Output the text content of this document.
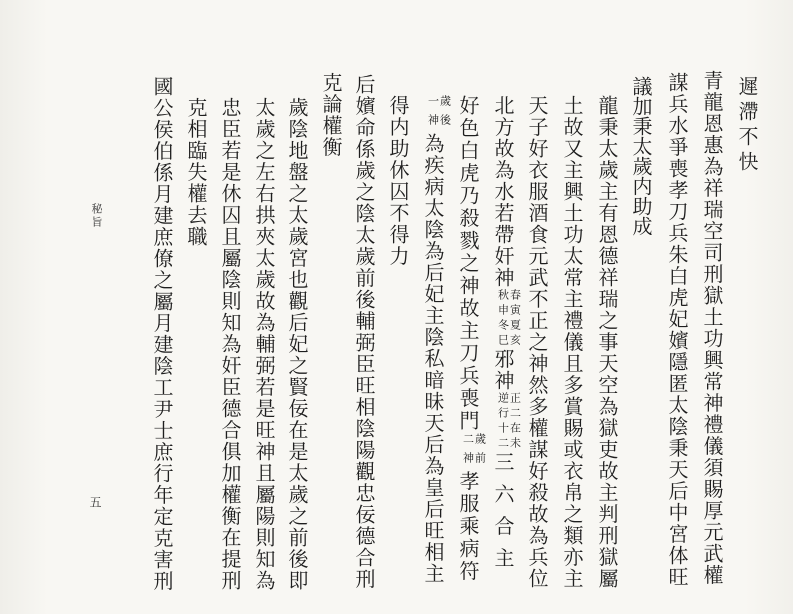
遲滯不快
青龍恩惠為祥瑞空司刑獄土功興常神禮儀須賜厚元武權
謀兵水爭喪孝刀兵朱白虎妃嬪隱匿太陰秉天后中宮体旺
議加秉太歲内助成
龍秉太歲主有恩德祥瑞之事天空為獄吏故主判刑獄屬
土故又主興土功太常主禮儀且多賞賜或衣帛之類亦主
天子好衣服酒食元武不正之神然多權謀好殺故為兵位
北方故為水若帶奸神
春寅夏亥
秋申冬巳
邪神
正二在未
逆行十二
三六合主
好色白虎乃殺戮之神故主刀兵喪門
歲前
二神
孝服乘病符
歲後
一神
為疾病太陰為后妃主陰私暗昧天后為皇后旺相主
得内助休囚不得力
后嬪命係歲之陰太歲前後輔弼臣旺相陰陽觀忠佞德合刑
克論權衡
歲陰地盤之太歲宮也觀后妃之賢佞在是太歲之前後即
太歲之左右拱夾太歲故為輔弼若是旺神且屬陽則知為
忠臣若是休囚且屬陰則知為奸臣德合俱加權衡在提刑
克相臨失權去職
國公侯伯係月建庶僚之屬月建陰工尹士庶行年定克害刑
秘旨
五
